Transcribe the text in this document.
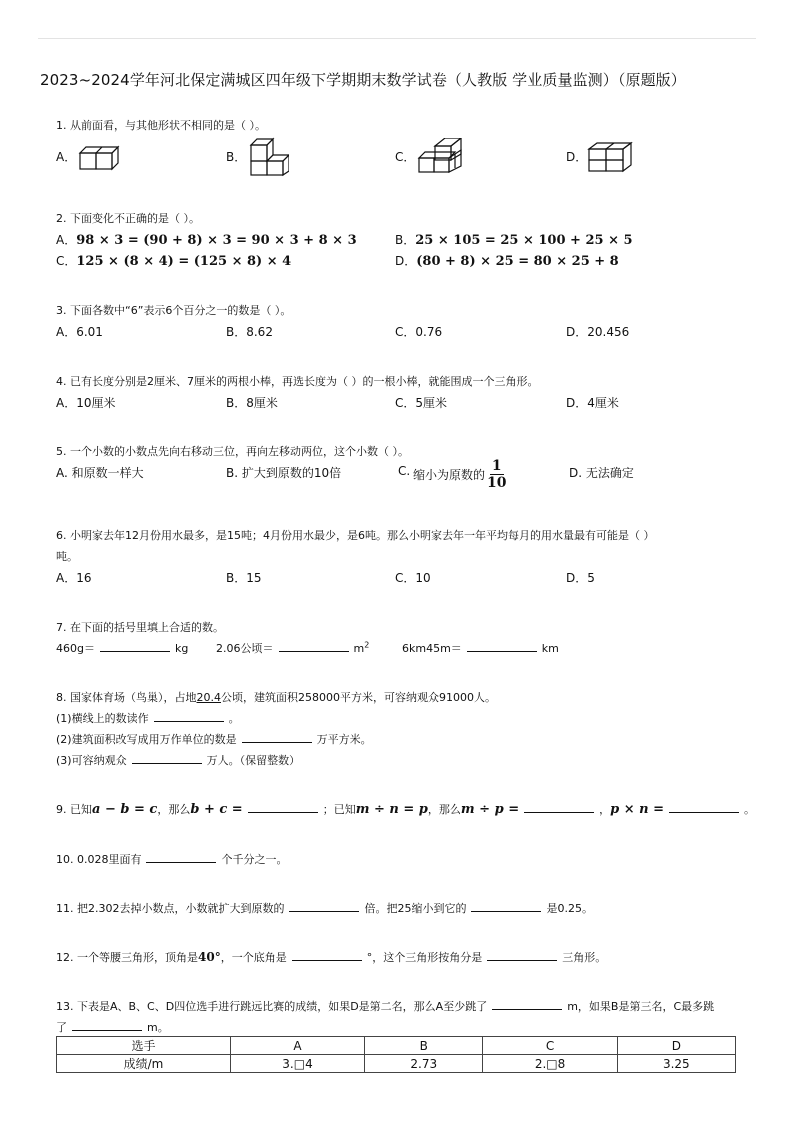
2023~2024学年河北保定满城区四年级下学期期末数学试卷（人教版 学业质量监测）（原题版）
1. 从前面看，与其他形状不相同的是（ ）。
A．	B．	C．	D．
2. 下面变化不正确的是（ ）。
A．98 × 3 = (90 + 8) × 3 = 90 × 3 + 8 × 3	B．25 × 105 = 25 × 100 + 25 × 5
C．125 × (8 × 4) = (125 × 8) × 4	D．(80 + 8) × 25 = 80 × 25 + 8
3. 下面各数中“6”表示6个百分之一的数是（ ）。
A．6.01	B．8.62	C．0.76	D．20.456
4. 已有长度分别是2厘米、7厘米的两根小棒，再选长度为（ ）的一根小棒，就能围成一个三角形。
A．10厘米	B．8厘米	C．5厘米	D．4厘米
5. 一个小数的小数点先向右移动三位，再向左移动两位，这个小数（ ）。
A. 和原数一样大	B. 扩大到原数的10倍	C. 缩小为原数的 $\frac{1}{10}$	D. 无法确定
6. 小明家去年12月份用水最多，是15吨；4月份用水最少，是6吨。那么小明家去年一年平均每月的用水量最有可能是（ ）
吨。
A．16	B．15	C．10	D．5
7. 在下面的括号里填上合适的数。
460g＝	kg	2.06公顷＝	$m^2$	6km45m＝	km
8. 国家体育场（鸟巢），占地20.4公顷，建筑面积258000平方米，可容纳观众91000人。
(1)横线上的数读作	。
(2)建筑面积改写成用万作单位的数是	万平方米。
(3)可容纳观众	万人。（保留整数）
9. 已知a − b = c，那么b + c =	；已知m ÷ n = p，那么m ÷ p =	，p × n =	。
10. 0.028里面有	个千分之一。
11. 把2.302去掉小数点，小数就扩大到原数的	倍。把25缩小到它的	是0.25。
12. 一个等腰三角形，顶角是40°，一个底角是	°，这个三角形按角分是	三角形。
13. 下表是A、B、C、D四位选手进行跳远比赛的成绩，如果D是第二名，那么A至少跳了	m，如果B是第三名，C最多跳
了	m。
选手	A	B	C	D
成绩/m	3.□4	2.73	2.□8	3.25
